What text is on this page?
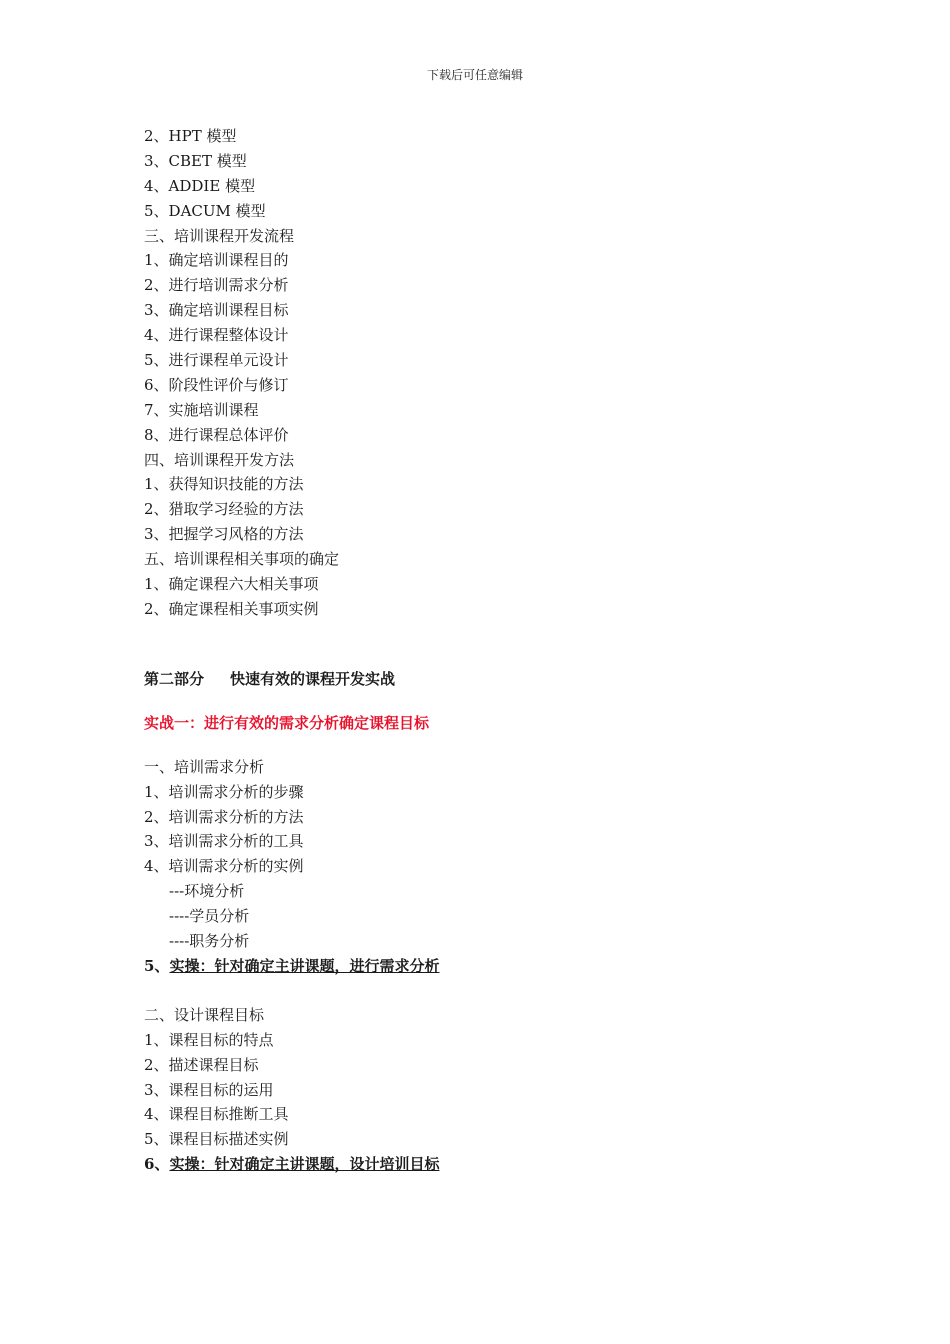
下载后可任意编辑
2、HPT 模型
3、CBET 模型
4、ADDIE 模型
5、DACUM 模型
三、培训课程开发流程
1、确定培训课程目的
2、进行培训需求分析
3、确定培训课程目标
4、进行课程整体设计
5、进行课程单元设计
6、阶段性评价与修订
7、实施培训课程
8、进行课程总体评价
四、培训课程开发方法
1、获得知识技能的方法
2、猎取学习经验的方法
3、把握学习风格的方法
五、培训课程相关事项的确定
1、确定课程六大相关事项
2、确定课程相关事项实例
第二部分 快速有效的课程开发实战
实战一：进行有效的需求分析确定课程目标
一、培训需求分析
1、培训需求分析的步骤
2、培训需求分析的方法
3、培训需求分析的工具
4、培训需求分析的实例
---环境分析
----学员分析
----职务分析
5、实操：针对确定主讲课题，进行需求分析
二、设计课程目标
1、课程目标的特点
2、描述课程目标
3、课程目标的运用
4、课程目标推断工具
5、课程目标描述实例
6、实操：针对确定主讲课题，设计培训目标
